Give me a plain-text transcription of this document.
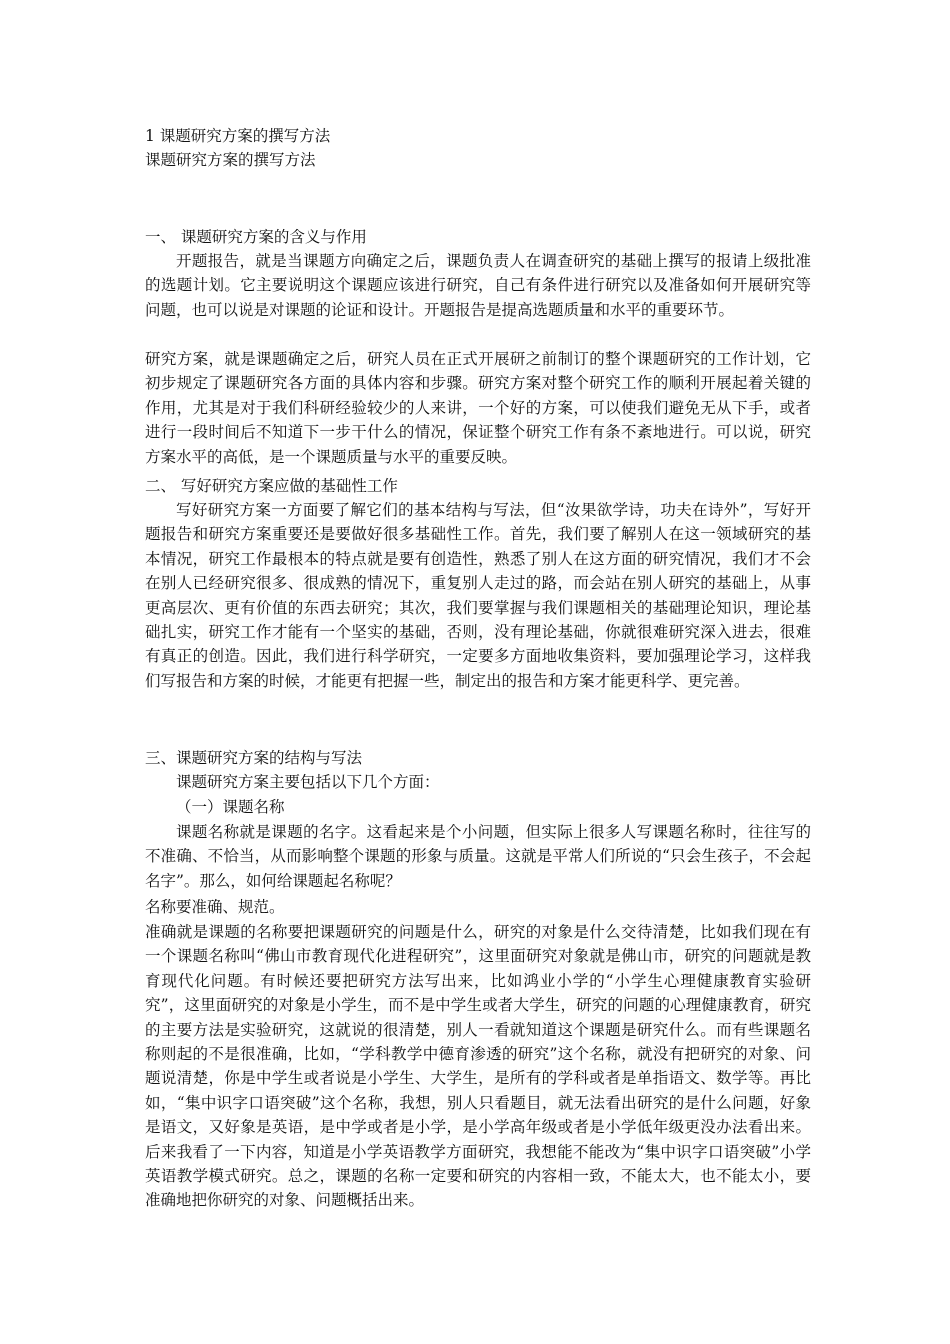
1 课题研究方案的撰写方法
课题研究方案的撰写方法
一、 课题研究方案的含义与作用
开题报告，就是当课题方向确定之后，课题负责人在调查研究的基础上撰写的报请上级批准的选题计划。它主要说明这个课题应该进行研究，自己有条件进行研究以及准备如何开展研究等问题，也可以说是对课题的论证和设计。开题报告是提高选题质量和水平的重要环节。
研究方案，就是课题确定之后，研究人员在正式开展研之前制订的整个课题研究的工作计划，它初步规定了课题研究各方面的具体内容和步骤。研究方案对整个研究工作的顺利开展起着关键的作用，尤其是对于我们科研经验较少的人来讲，一个好的方案，可以使我们避免无从下手，或者进行一段时间后不知道下一步干什么的情况，保证整个研究工作有条不紊地进行。可以说，研究方案水平的高低，是一个课题质量与水平的重要反映。
二、 写好研究方案应做的基础性工作
写好研究方案一方面要了解它们的基本结构与写法，但“汝果欲学诗，功夫在诗外”，写好开题报告和研究方案重要还是要做好很多基础性工作。首先，我们要了解别人在这一领域研究的基本情况，研究工作最根本的特点就是要有创造性，熟悉了别人在这方面的研究情况，我们才不会在别人已经研究很多、很成熟的情况下，重复别人走过的路，而会站在别人研究的基础上，从事更高层次、更有价值的东西去研究；其次，我们要掌握与我们课题相关的基础理论知识，理论基础扎实，研究工作才能有一个坚实的基础，否则，没有理论基础，你就很难研究深入进去，很难有真正的创造。因此，我们进行科学研究，一定要多方面地收集资料，要加强理论学习，这样我们写报告和方案的时候，才能更有把握一些，制定出的报告和方案才能更科学、更完善。
三、课题研究方案的结构与写法
课题研究方案主要包括以下几个方面：
（一）课题名称
课题名称就是课题的名字。这看起来是个小问题，但实际上很多人写课题名称时，往往写的不准确、不恰当，从而影响整个课题的形象与质量。这就是平常人们所说的“只会生孩子，不会起名字”。那么，如何给课题起名称呢？
名称要准确、规范。
准确就是课题的名称要把课题研究的问题是什么，研究的对象是什么交待清楚，比如我们现在有一个课题名称叫“佛山市教育现代化进程研究”，这里面研究对象就是佛山市，研究的问题就是教育现代化问题。有时候还要把研究方法写出来，比如鸿业小学的“小学生心理健康教育实验研究”，这里面研究的对象是小学生，而不是中学生或者大学生，研究的问题的心理健康教育，研究的主要方法是实验研究，这就说的很清楚，别人一看就知道这个课题是研究什么。而有些课题名称则起的不是很准确，比如，“学科教学中德育渗透的研究”这个名称，就没有把研究的对象、问题说清楚，你是中学生或者说是小学生、大学生，是所有的学科或者是单指语文、数学等。再比如，“集中识字口语突破”这个名称，我想，别人只看题目，就无法看出研究的是什么问题，好象是语文，又好象是英语，是中学或者是小学，是小学高年级或者是小学低年级更没办法看出来。后来我看了一下内容，知道是小学英语教学方面研究，我想能不能改为“集中识字口语突破”小学英语教学模式研究。总之，课题的名称一定要和研究的内容相一致，不能太大，也不能太小，要准确地把你研究的对象、问题概括出来。
